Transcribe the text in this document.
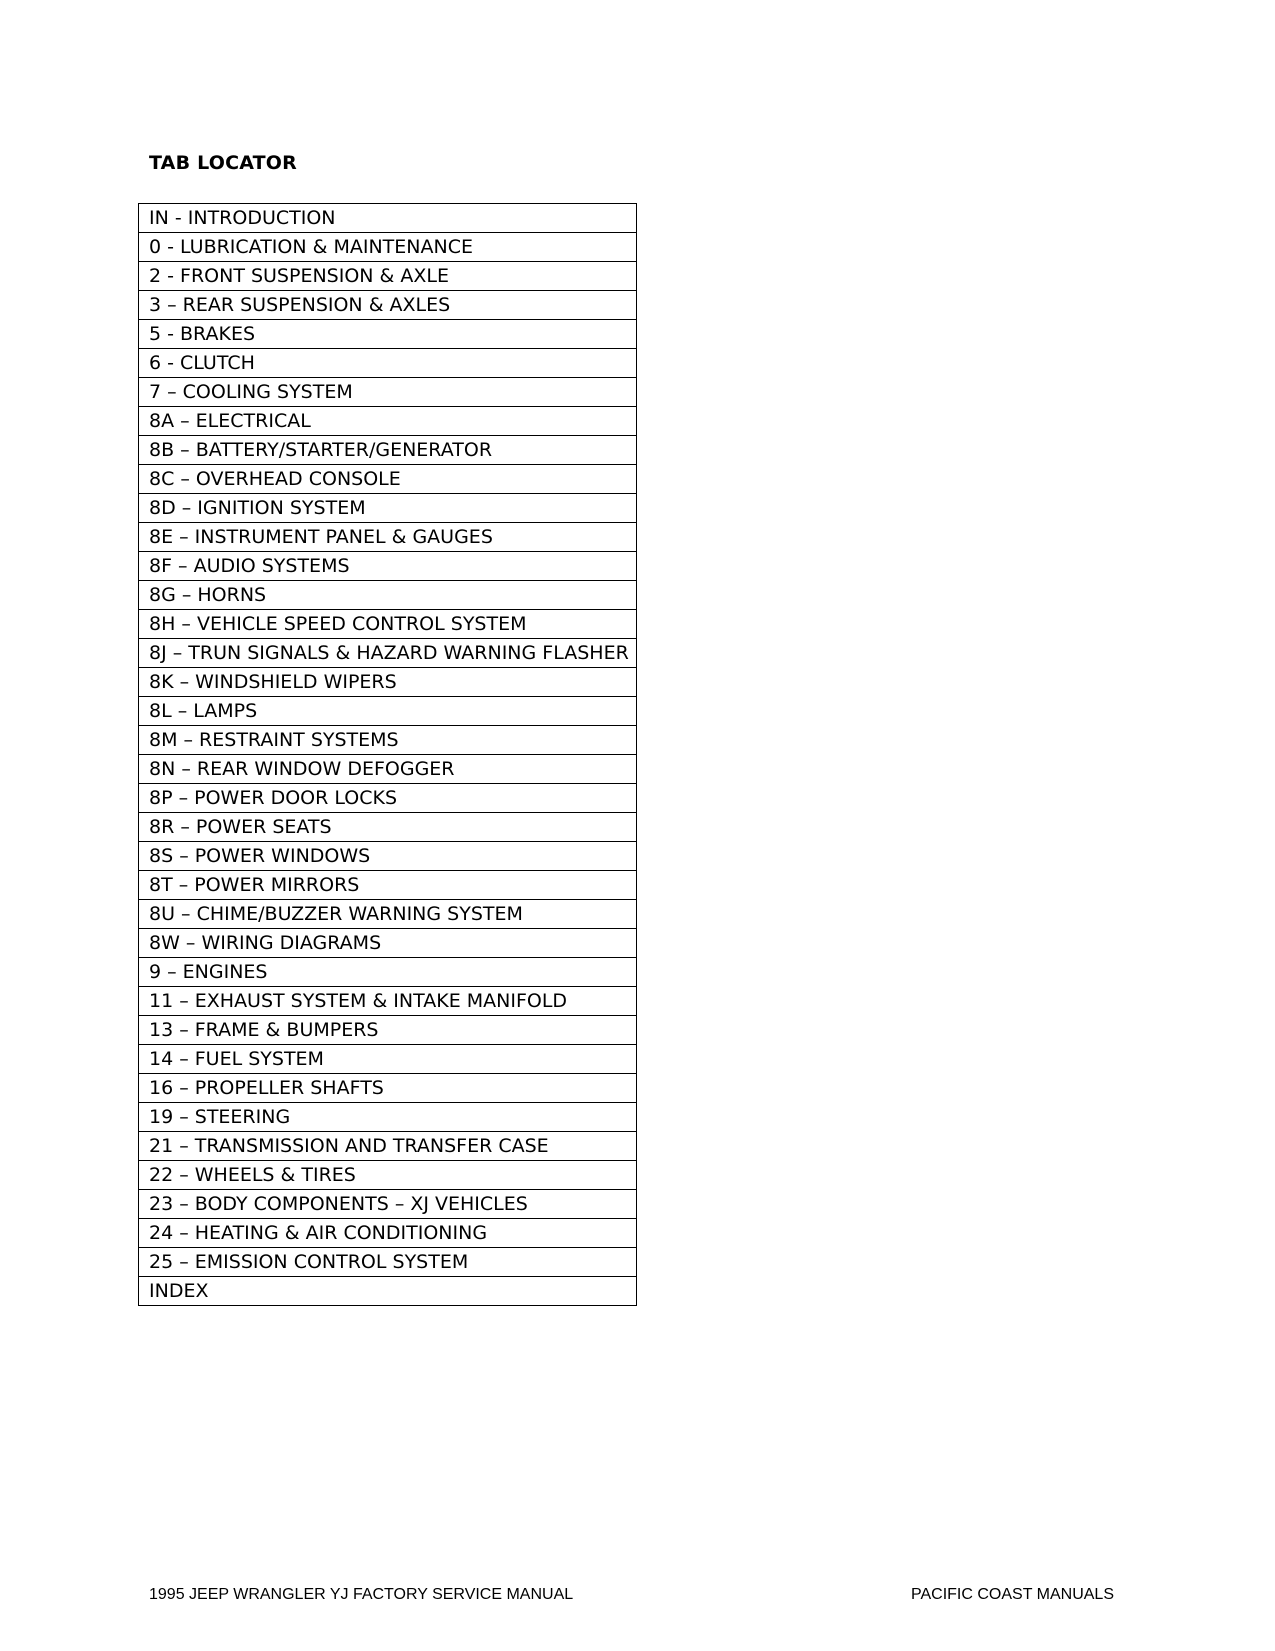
TAB LOCATOR
IN - INTRODUCTION
0 - LUBRICATION & MAINTENANCE
2 - FRONT SUSPENSION & AXLE
3 – REAR SUSPENSION & AXLES
5 - BRAKES
6 - CLUTCH
7 – COOLING SYSTEM
8A – ELECTRICAL
8B – BATTERY/STARTER/GENERATOR
8C – OVERHEAD CONSOLE
8D – IGNITION SYSTEM
8E – INSTRUMENT PANEL & GAUGES
8F – AUDIO SYSTEMS
8G – HORNS
8H – VEHICLE SPEED CONTROL SYSTEM
8J – TRUN SIGNALS & HAZARD WARNING FLASHER
8K – WINDSHIELD WIPERS
8L – LAMPS
8M – RESTRAINT SYSTEMS
8N – REAR WINDOW DEFOGGER
8P – POWER DOOR LOCKS
8R – POWER SEATS
8S – POWER WINDOWS
8T – POWER MIRRORS
8U – CHIME/BUZZER WARNING SYSTEM
8W – WIRING DIAGRAMS
9 – ENGINES
11 – EXHAUST SYSTEM & INTAKE MANIFOLD
13 – FRAME & BUMPERS
14 – FUEL SYSTEM
16 – PROPELLER SHAFTS
19 – STEERING
21 – TRANSMISSION AND TRANSFER CASE
22 – WHEELS & TIRES
23 – BODY COMPONENTS – XJ VEHICLES
24 – HEATING & AIR CONDITIONING
25 – EMISSION CONTROL SYSTEM
INDEX
1995 JEEP WRANGLER YJ FACTORY SERVICE MANUAL	PACIFIC COAST MANUALS
